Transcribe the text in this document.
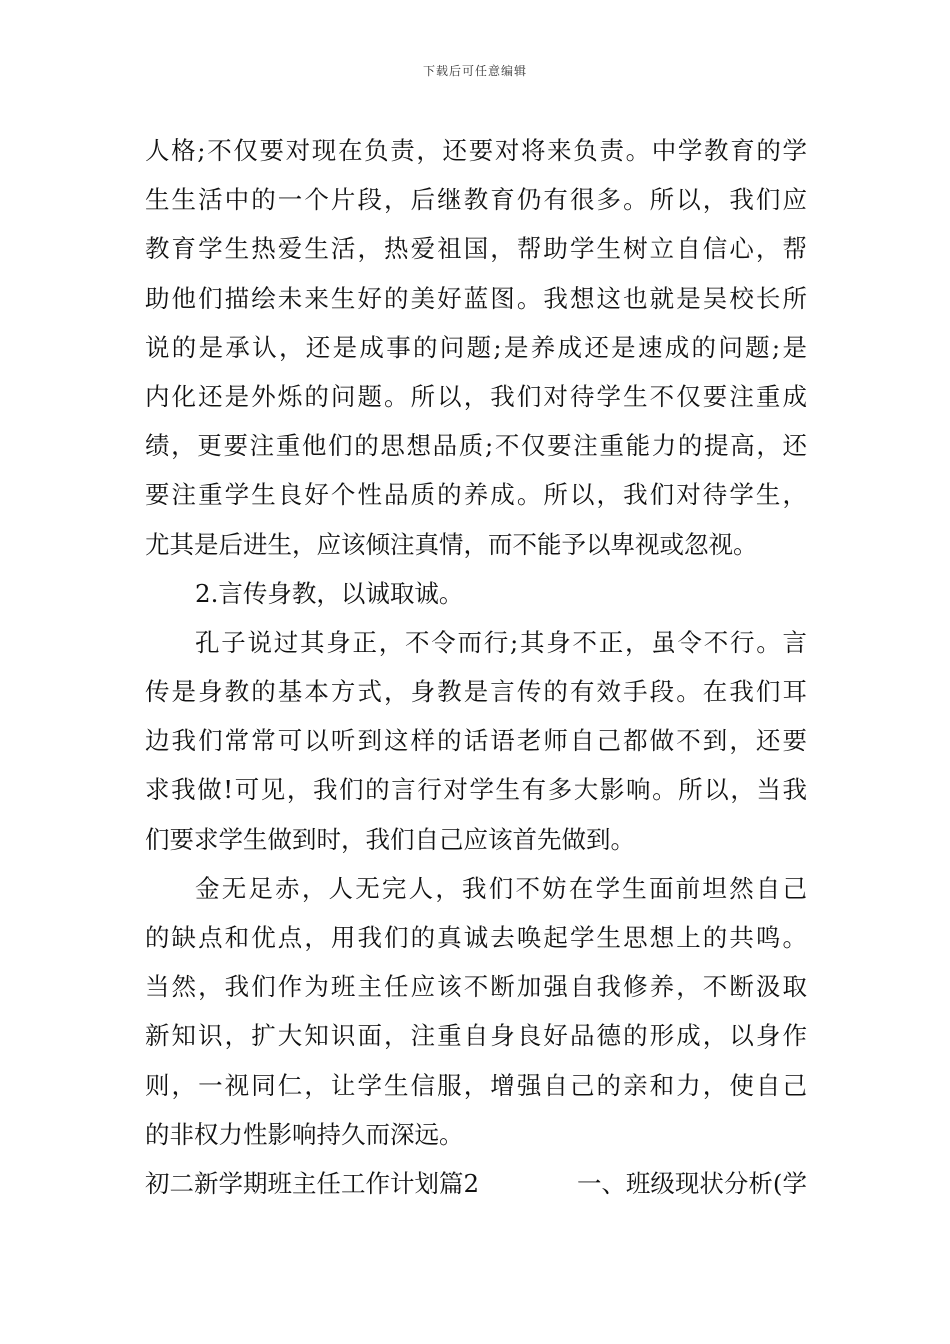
下载后可任意编辑
人格;不仅要对现在负责，还要对将来负责。中学教育的学
生生活中的一个片段，后继教育仍有很多。所以，我们应
教育学生热爱生活，热爱祖国，帮助学生树立自信心，帮
助他们描绘未来生好的美好蓝图。我想这也就是吴校长所
说的是承认，还是成事的问题;是养成还是速成的问题;是
内化还是外烁的问题。所以，我们对待学生不仅要注重成
绩，更要注重他们的思想品质;不仅要注重能力的提高，还
要注重学生良好个性品质的养成。所以，我们对待学生，
尤其是后进生，应该倾注真情，而不能予以卑视或忽视。
2.言传身教，以诚取诚。
孔子说过其身正，不令而行;其身不正，虽令不行。言
传是身教的基本方式，身教是言传的有效手段。在我们耳
边我们常常可以听到这样的话语老师自己都做不到，还要
求我做!可见，我们的言行对学生有多大影响。所以，当我
们要求学生做到时，我们自己应该首先做到。
金无足赤，人无完人，我们不妨在学生面前坦然自己
的缺点和优点，用我们的真诚去唤起学生思想上的共鸣。
当然，我们作为班主任应该不断加强自我修养，不断汲取
新知识，扩大知识面，注重自身良好品德的形成，以身作
则，一视同仁，让学生信服，增强自己的亲和力，使自己
的非权力性影响持久而深远。
初二新学期班主任工作计划篇2	一、班级现状分析(学
